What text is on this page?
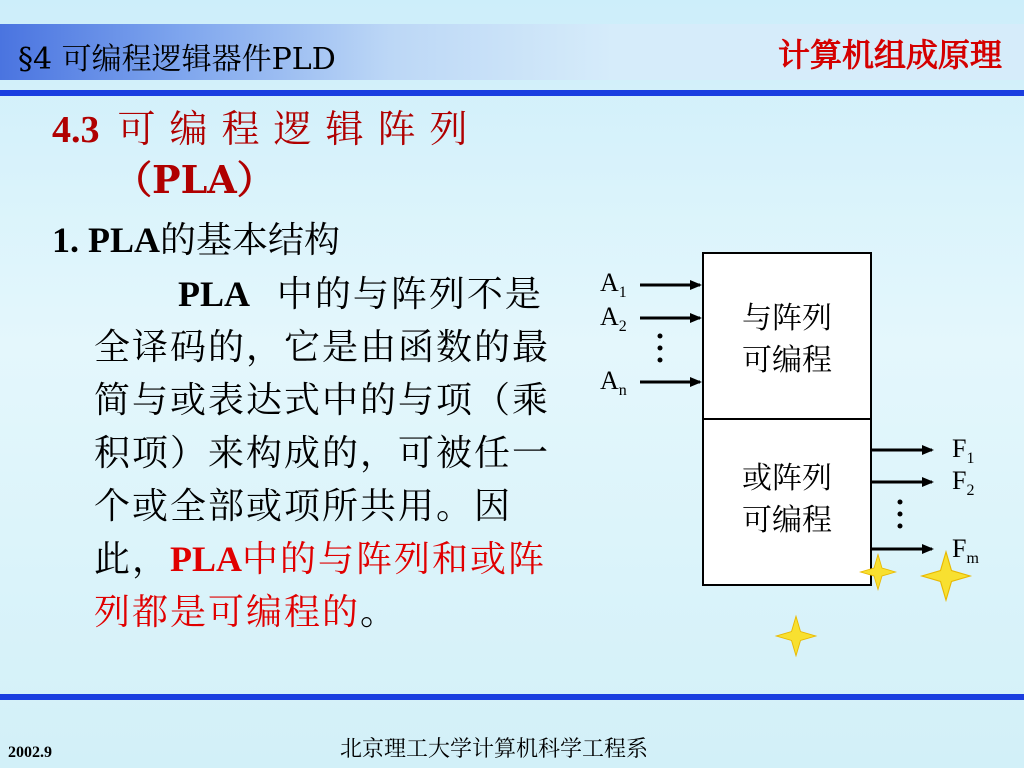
§4 可编程逻辑器件PLD	计算机组成原理
4.3 可编程逻辑阵列
（PLA）
1. PLA的基本结构
PLA 中的与阵列不是全译码的，它是由函数的最简与或表达式中的与项（乘积项）来构成的，可被任一个或全部或项所共用。因此，PLA中的与阵列和或阵列都是可编程的。
与阵列
可编程
或阵列
可编程
$A_1$
$A_2$
$A_n$
$F_1$
$F_2$
$F_m$
2002.9	北京理工大学计算机科学工程系
